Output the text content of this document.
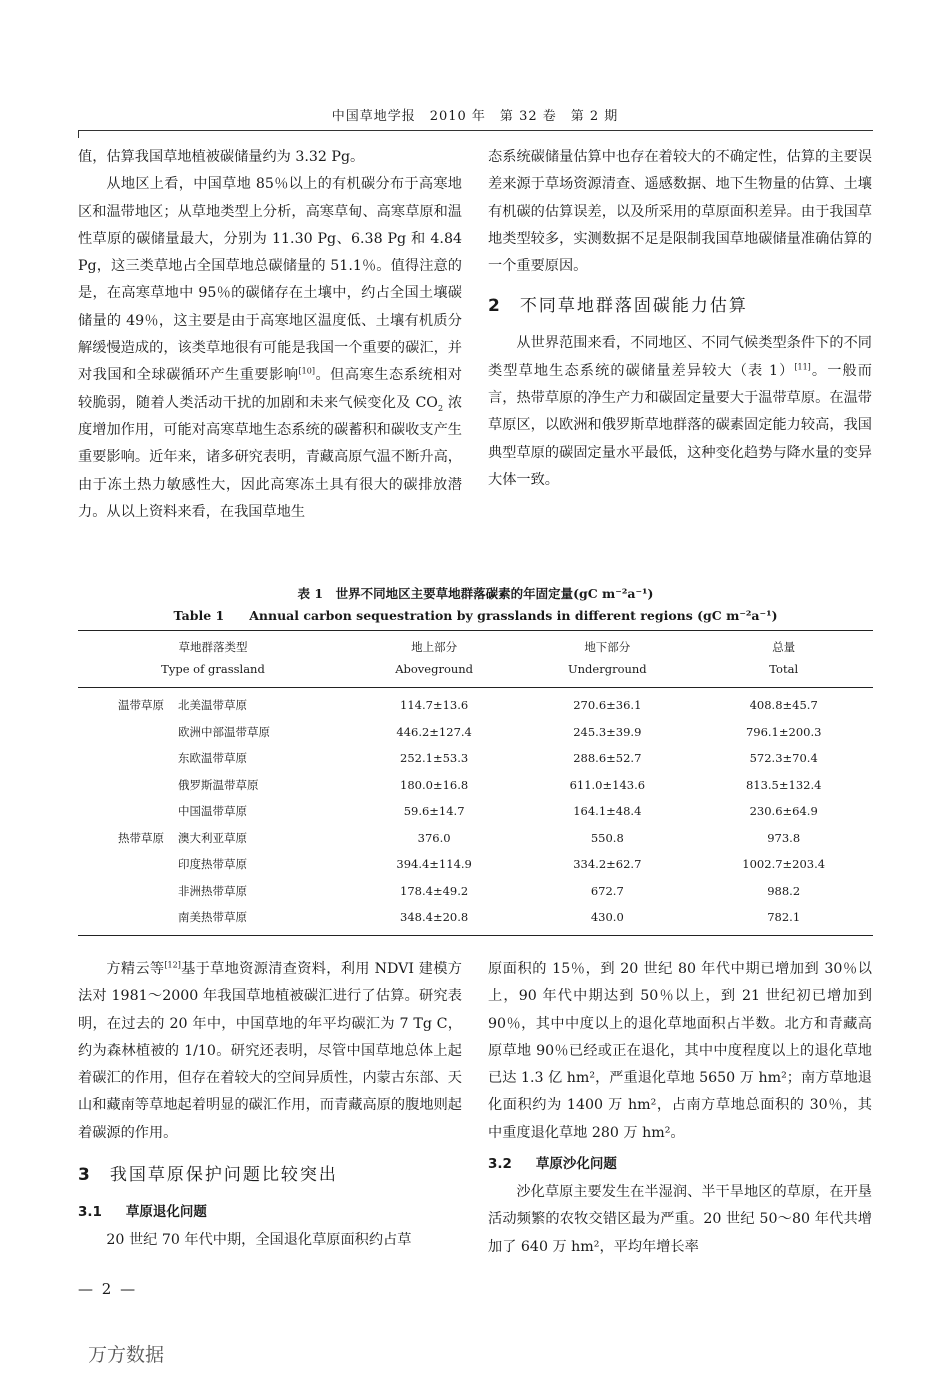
中国草地学报　2010 年　第 32 卷　第 2 期

值，估算我国草地植被碳储量约为 3.32 Pg。

从地区上看，中国草地 85％以上的有机碳分布于高寒地区和温带地区；从草地类型上分析，高寒草甸、高寒草原和温性草原的碳储量最大，分别为 11.30 Pg、6.38 Pg 和 4.84 Pg，这三类草地占全国草地总碳储量的 51.1％。值得注意的是，在高寒草地中 95％的碳储存在土壤中，约占全国土壤碳储量的 49％，这主要是由于高寒地区温度低、土壤有机质分解缓慢造成的，该类草地很有可能是我国一个重要的碳汇，并对我国和全球碳循环产生重要影响[10]。但高寒生态系统相对较脆弱，随着人类活动干扰的加剧和未来气候变化及 $CO_2$ 浓度增加作用，可能对高寒草地生态系统的碳蓄积和碳收支产生重要影响。近年来，诸多研究表明，青藏高原气温不断升高，由于冻土热力敏感性大，因此高寒冻土具有很大的碳排放潜力。从以上资料来看，在我国草地生

态系统碳储量估算中也存在着较大的不确定性，估算的主要误差来源于草场资源清查、遥感数据、地下生物量的估算、土壤有机碳的估算误差，以及所采用的草原面积差异。由于我国草地类型较多，实测数据不足是限制我国草地碳储量准确估算的一个重要原因。

2 不同草地群落固碳能力估算

从世界范围来看，不同地区、不同气候类型条件下的不同类型草地生态系统的碳储量差异较大（表 1）[11]。一般而言，热带草原的净生产力和碳固定量要大于温带草原。在温带草原区，以欧洲和俄罗斯草地群落的碳素固定能力较高，我国典型草原的碳固定量水平最低，这种变化趋势与降水量的变异大体一致。

表 1　世界不同地区主要草地群落碳素的年固定量(gC m⁻²a⁻¹)
Table 1　　Annual carbon sequestration by grasslands in different regions (gC m⁻²a⁻¹)
草地群落类型		地上部分	地下部分	总量
Type of grassland		Aboveground	Underground	Total
温带草原	北美温带草原	114.7±13.6	270.6±36.1	408.8±45.7
	欧洲中部温带草原	446.2±127.4	245.3±39.9	796.1±200.3
	东欧温带草原	252.1±53.3	288.6±52.7	572.3±70.4
	俄罗斯温带草原	180.0±16.8	611.0±143.6	813.5±132.4
	中国温带草原	59.6±14.7	164.1±48.4	230.6±64.9
热带草原	澳大利亚草原	376.0	550.8	973.8
	印度热带草原	394.4±114.9	334.2±62.7	1002.7±203.4
	非洲热带草原	178.4±49.2	672.7	988.2
	南美热带草原	348.4±20.8	430.0	782.1

方精云等[12]基于草地资源清查资料，利用 NDVI 建模方法对 1981～2000 年我国草地植被碳汇进行了估算。研究表明，在过去的 20 年中，中国草地的年平均碳汇为 7 Tg C，约为森林植被的 1/10。研究还表明，尽管中国草地总体上起着碳汇的作用，但存在着较大的空间异质性，内蒙古东部、天山和藏南等草地起着明显的碳汇作用，而青藏高原的腹地则起着碳源的作用。

3 我国草原保护问题比较突出
3.1 草原退化问题

20 世纪 70 年代中期，全国退化草原面积约占草

原面积的 15％，到 20 世纪 80 年代中期已增加到 30％以上，90 年代中期达到 50％以上，到 21 世纪初已增加到 90％，其中中度以上的退化草地面积占半数。北方和青藏高原草地 90％已经或正在退化，其中中度程度以上的退化草地已达 1.3 亿 hm²，严重退化草地 5650 万 hm²；南方草地退化面积约为 1400 万 hm²，占南方草地总面积的 30％，其中重度退化草地 280 万 hm²。

3.2 草原沙化问题

沙化草原主要发生在半湿润、半干旱地区的草原，在开垦活动频繁的农牧交错区最为严重。20 世纪 50～80 年代共增加了 640 万 hm²，平均年增长率

— 2 —
万方数据
